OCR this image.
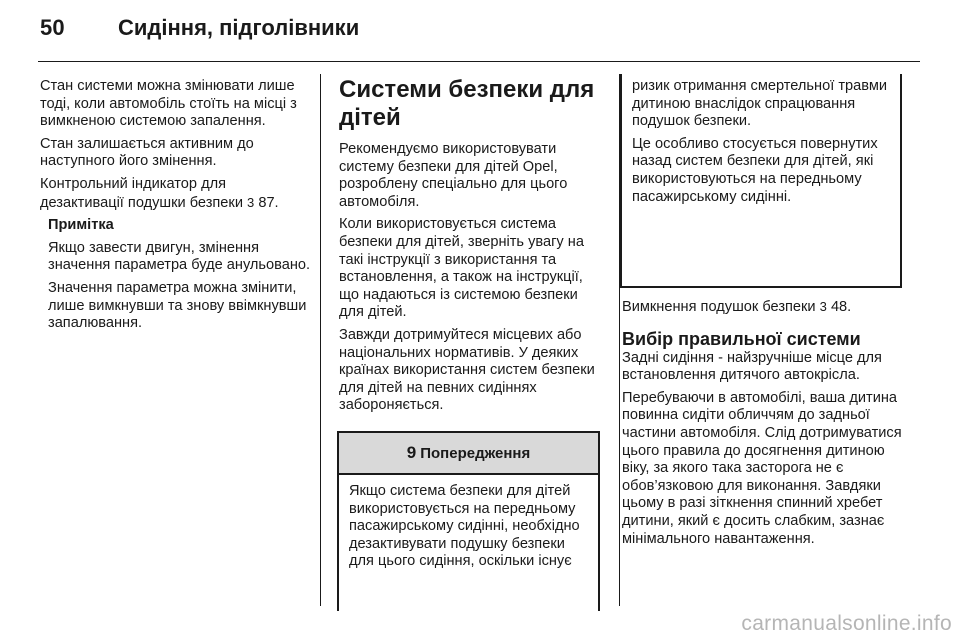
50 Сидіння, підголівники

Стан системи можна змінювати лише тоді, коли автомобіль стоїть на місці з вимкненою системою запалення.

Стан залишається активним до наступного його змінення.

Контрольний індикатор для дезактивації подушки безпеки 3 87.

Примітка

Якщо завести двигун, змінення значення параметра буде анульовано.

Значення параметра можна змінити, лише вимкнувши та знову ввімкнувши запалювання.

Системи безпеки для дітей

Рекомендуємо використовувати систему безпеки для дітей Opel, розроблену спеціально для цього автомобіля.

Коли використовується система безпеки для дітей, зверніть увагу на такі інструкції з використання та встановлення, а також на інструкції, що надаються із системою безпеки для дітей.

Завжди дотримуйтеся місцевих або національних нормативів. У деяких країнах використання систем безпеки для дітей на певних сидіннях забороняється.

9 Попередження

Якщо система безпеки для дітей використовується на передньому пасажирському сидінні, необхідно дезактивувати подушку безпеки для цього сидіння, оскільки існує

ризик отримання смертельної травми дитиною внаслідок спрацювання подушок безпеки.

Це особливо стосується повернутих назад систем безпеки для дітей, які використовуються на передньому пасажирському сидінні.

Вимкнення подушок безпеки 3 48.

Вибір правильної системи

Задні сидіння - найзручніше місце для встановлення дитячого автокрісла.

Перебуваючи в автомобілі, ваша дитина повинна сидіти обличчям до задньої частини автомобіля. Слід дотримуватися цього правила до досягнення дитиною віку, за якого така засторога не є обов’язковою для виконання. Завдяки цьому в разі зіткнення спинний хребет дитини, який є досить слабким, зазнає мінімального навантаження.

carmanualsonline.info
